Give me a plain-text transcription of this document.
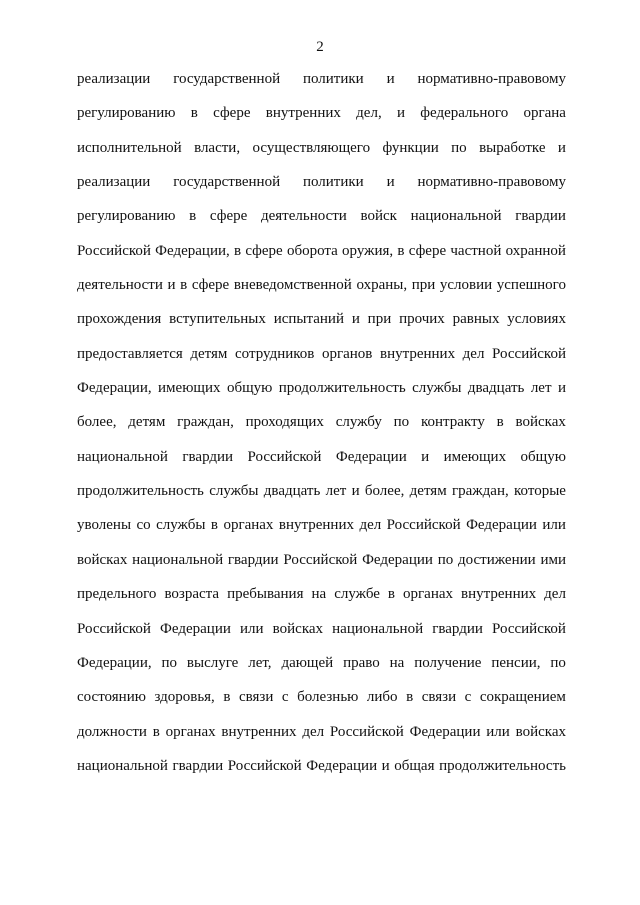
2
реализации государственной политики и нормативно-правовому
регулированию в сфере внутренних дел, и федерального органа
исполнительной власти, осуществляющего функции по выработке и
реализации государственной политики и нормативно-правовому
регулированию в сфере деятельности войск национальной гвардии
Российской Федерации, в сфере оборота оружия, в сфере частной охранной
деятельности и в сфере вневедомственной охраны, при условии успешного
прохождения вступительных испытаний и при прочих равных условиях
предоставляется детям сотрудников органов внутренних дел Российской
Федерации, имеющих общую продолжительность службы двадцать лет и
более, детям граждан, проходящих службу по контракту в войсках
национальной гвардии Российской Федерации и имеющих общую
продолжительность службы двадцать лет и более, детям граждан, которые
уволены со службы в органах внутренних дел Российской Федерации или
войсках национальной гвардии Российской Федерации по достижении ими
предельного возраста пребывания на службе в органах внутренних дел
Российской Федерации или войсках национальной гвардии Российской
Федерации, по выслуге лет, дающей право на получение пенсии, по
состоянию здоровья, в связи с болезнью либо в связи с сокращением
должности в органах внутренних дел Российской Федерации или войсках
национальной гвардии Российской Федерации и общая продолжительность
